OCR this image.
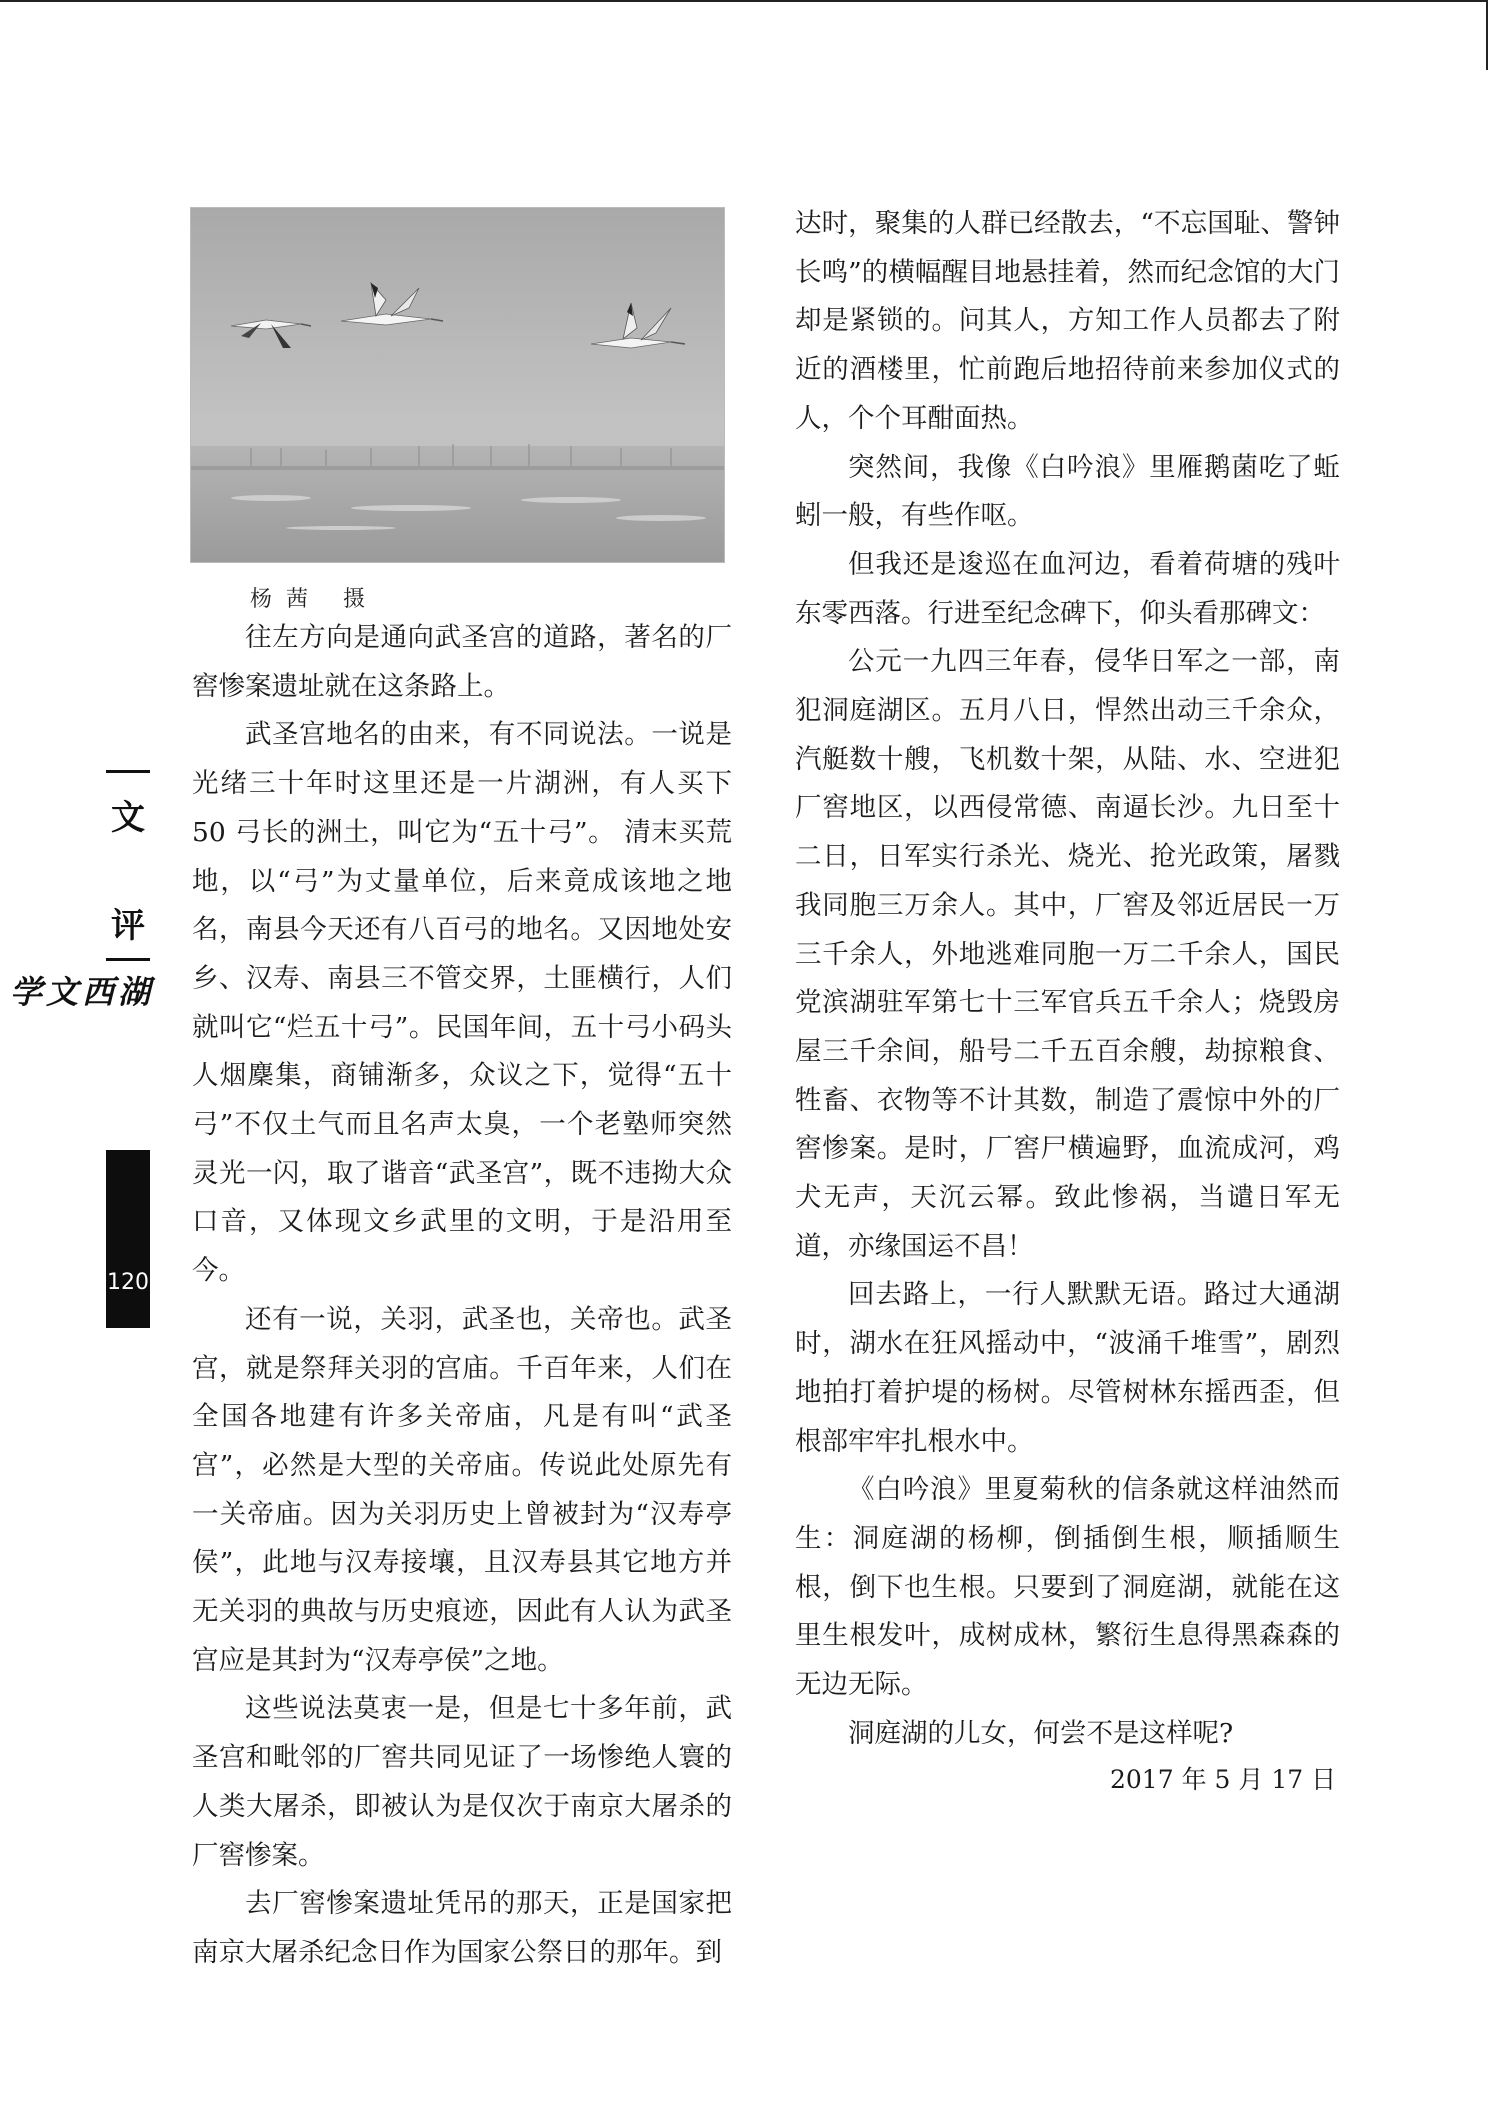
杨茜 摄
文
评
湖西文学
120

往左方向是通向武圣宫的道路，著名的厂窖惨案遗址就在这条路上。

武圣宫地名的由来，有不同说法。一说是光绪三十年时这里还是一片湖洲，有人买下 50 弓长的洲土，叫它为“五十弓”。 清末买荒地，以“弓”为丈量单位，后来竟成该地之地名，南县今天还有八百弓的地名。又因地处安乡、汉寿、南县三不管交界，土匪横行，人们就叫它“烂五十弓”。民国年间，五十弓小码头人烟麇集，商铺渐多，众议之下，觉得“五十弓”不仅土气而且名声太臭，一个老塾师突然灵光一闪，取了谐音“武圣宫”，既不违拗大众口音，又体现文乡武里的文明，于是沿用至今。

还有一说，关羽，武圣也，关帝也。武圣宫，就是祭拜关羽的宫庙。千百年来，人们在全国各地建有许多关帝庙，凡是有叫“武圣宫”，必然是大型的关帝庙。传说此处原先有一关帝庙。因为关羽历史上曾被封为“汉寿亭侯”，此地与汉寿接壤，且汉寿县其它地方并无关羽的典故与历史痕迹，因此有人认为武圣宫应是其封为“汉寿亭侯”之地。

这些说法莫衷一是，但是七十多年前，武圣宫和毗邻的厂窖共同见证了一场惨绝人寰的人类大屠杀，即被认为是仅次于南京大屠杀的厂窖惨案。

去厂窖惨案遗址凭吊的那天，正是国家把南京大屠杀纪念日作为国家公祭日的那年。到

达时，聚集的人群已经散去，“不忘国耻、警钟长鸣”的横幅醒目地悬挂着，然而纪念馆的大门却是紧锁的。问其人，方知工作人员都去了附近的酒楼里，忙前跑后地招待前来参加仪式的人，个个耳酣面热。

突然间，我像《白吟浪》里雁鹅菌吃了蚯蚓一般，有些作呕。

但我还是逡巡在血河边，看着荷塘的残叶东零西落。行进至纪念碑下，仰头看那碑文：

公元一九四三年春，侵华日军之一部，南犯洞庭湖区。五月八日，悍然出动三千余众，汽艇数十艘，飞机数十架，从陆、水、空进犯厂窖地区，以西侵常德、南逼长沙。九日至十二日，日军实行杀光、烧光、抢光政策，屠戮我同胞三万余人。其中，厂窖及邻近居民一万三千余人，外地逃难同胞一万二千余人，国民党滨湖驻军第七十三军官兵五千余人；烧毁房屋三千余间，船号二千五百余艘，劫掠粮食、牲畜、衣物等不计其数，制造了震惊中外的厂窖惨案。是时，厂窖尸横遍野，血流成河，鸡犬无声，天沉云幂。致此惨祸，当谴日军无道，亦缘国运不昌！

回去路上，一行人默默无语。路过大通湖时，湖水在狂风摇动中，“波涌千堆雪”，剧烈地拍打着护堤的杨树。尽管树林东摇西歪，但根部牢牢扎根水中。

《白吟浪》里夏菊秋的信条就这样油然而生：洞庭湖的杨柳，倒插倒生根，顺插顺生根，倒下也生根。只要到了洞庭湖，就能在这里生根发叶，成树成林，繁衍生息得黑森森的无边无际。

洞庭湖的儿女，何尝不是这样呢?

2017 年 5 月 17 日
